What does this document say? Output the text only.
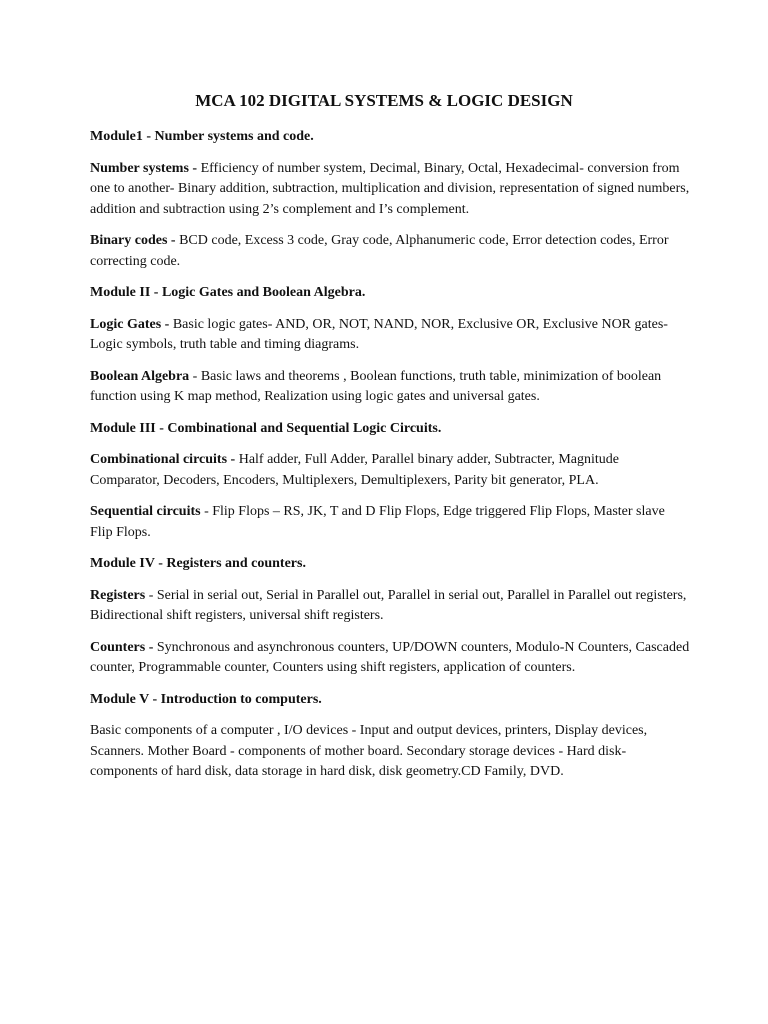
MCA 102 DIGITAL SYSTEMS & LOGIC DESIGN

Module1 - Number systems and code.

Number systems - Efficiency of number system, Decimal, Binary, Octal, Hexadecimal- conversion from one to another- Binary addition, subtraction, multiplication and division, representation of signed numbers, addition and subtraction using 2’s complement and I’s complement.

Binary codes - BCD code, Excess 3 code, Gray code, Alphanumeric code, Error detection codes, Error correcting code.

Module II - Logic Gates and Boolean Algebra.

Logic Gates - Basic logic gates- AND, OR, NOT, NAND, NOR, Exclusive OR, Exclusive NOR gates- Logic symbols, truth table and timing diagrams.

Boolean Algebra - Basic laws and theorems , Boolean functions, truth table, minimization of boolean function using K map method, Realization using logic gates and universal gates.

Module III - Combinational and Sequential Logic Circuits.

Combinational circuits - Half adder, Full Adder, Parallel binary adder, Subtracter, Magnitude Comparator, Decoders, Encoders, Multiplexers, Demultiplexers, Parity bit generator, PLA.

Sequential circuits - Flip Flops – RS, JK, T and D Flip Flops, Edge triggered Flip Flops, Master slave Flip Flops.

Module IV - Registers and counters.

Registers - Serial in serial out, Serial in Parallel out, Parallel in serial out, Parallel in Parallel out registers, Bidirectional shift registers, universal shift registers.

Counters - Synchronous and asynchronous counters, UP/DOWN counters, Modulo-N Counters, Cascaded counter, Programmable counter, Counters using shift registers, application of counters.

Module V - Introduction to computers.

Basic components of a computer , I/O devices - Input and output devices, printers, Display devices, Scanners. Mother Board - components of mother board. Secondary storage devices - Hard disk- components of hard disk, data storage in hard disk, disk geometry.CD Family, DVD.
